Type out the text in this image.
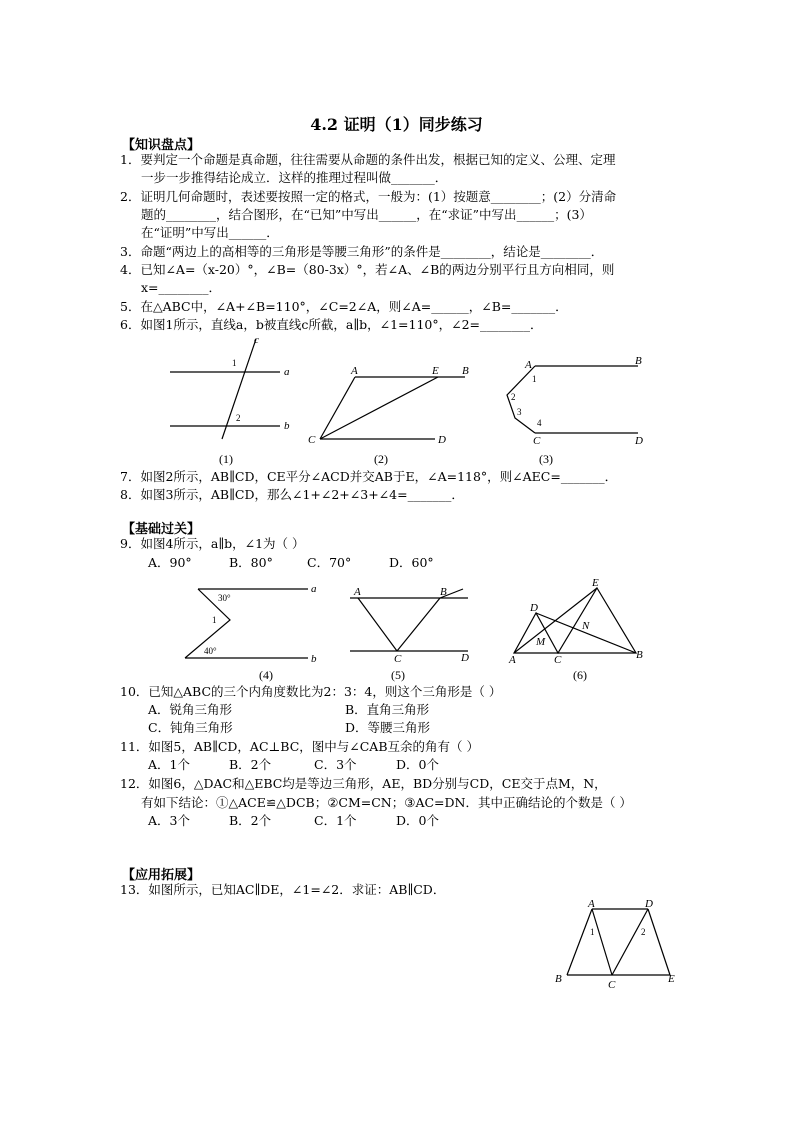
4.2 证明（1）同步练习
【知识盘点】
1．要判定一个命题是真命题，往往需要从命题的条件出发，根据已知的定义、公理、定理
一步一步推得结论成立．这样的推理过程叫做_______．
2．证明几何命题时，表述要按照一定的格式，一般为：(1）按题意________；(2）分清命
题的________，结合图形，在“已知”中写出______，在“求证”中写出______；(3）
在“证明”中写出______．
3．命题“两边上的高相等的三角形是等腰三角形”的条件是________，结论是________．
4．已知∠A=（x-20）°，∠B=（80-3x）°，若∠A、∠B的两边分别平行且方向相同，则
x=________．
5．在△ABC中，∠A+∠B=110°，∠C=2∠A，则∠A=______，∠B=_______．
6．如图1所示，直线a，b被直线c所截，a∥b，∠1=110°，∠2=________．
a
b
c
1
2
(1)
A	E B
C	D
(2)
A	B
C	D
1
2
3
4
(3)
7．如图2所示，AB∥CD，CE平分∠ACD并交AB于E，∠A=118°，则∠AEC=_______．
8．如图3所示，AB∥CD，那么∠1+∠2+∠3+∠4=_______．
【基础过关】
9．如图4所示，a∥b，∠1为（ ）
A．90°	B．80°	C．70°	D．60°
a
b
30°
1
40°
(4)
A	B
C	D
(5)
E
D
N
M
A	C	B
(6)
10．已知△ABC的三个内角度数比为2：3：4，则这个三角形是（ ）
A．锐角三角形	B．直角三角形
C．钝角三角形	D．等腰三角形
11．如图5，AB∥CD，AC⊥BC，图中与∠CAB互余的角有（ ）
A．1个	B．2个	C．3个	D．0个
12．如图6，△DAC和△EBC均是等边三角形，AE，BD分别与CD，CE交于点M，N，
有如下结论：①△ACE≌△DCB；②CM=CN；③AC=DN．其中正确结论的个数是（ ）
A．3个	B．2个	C．1个	D．0个
【应用拓展】
13．如图所示，已知AC∥DE，∠1=∠2．求证：AB∥CD．
A	D
B	C	E
1	2
